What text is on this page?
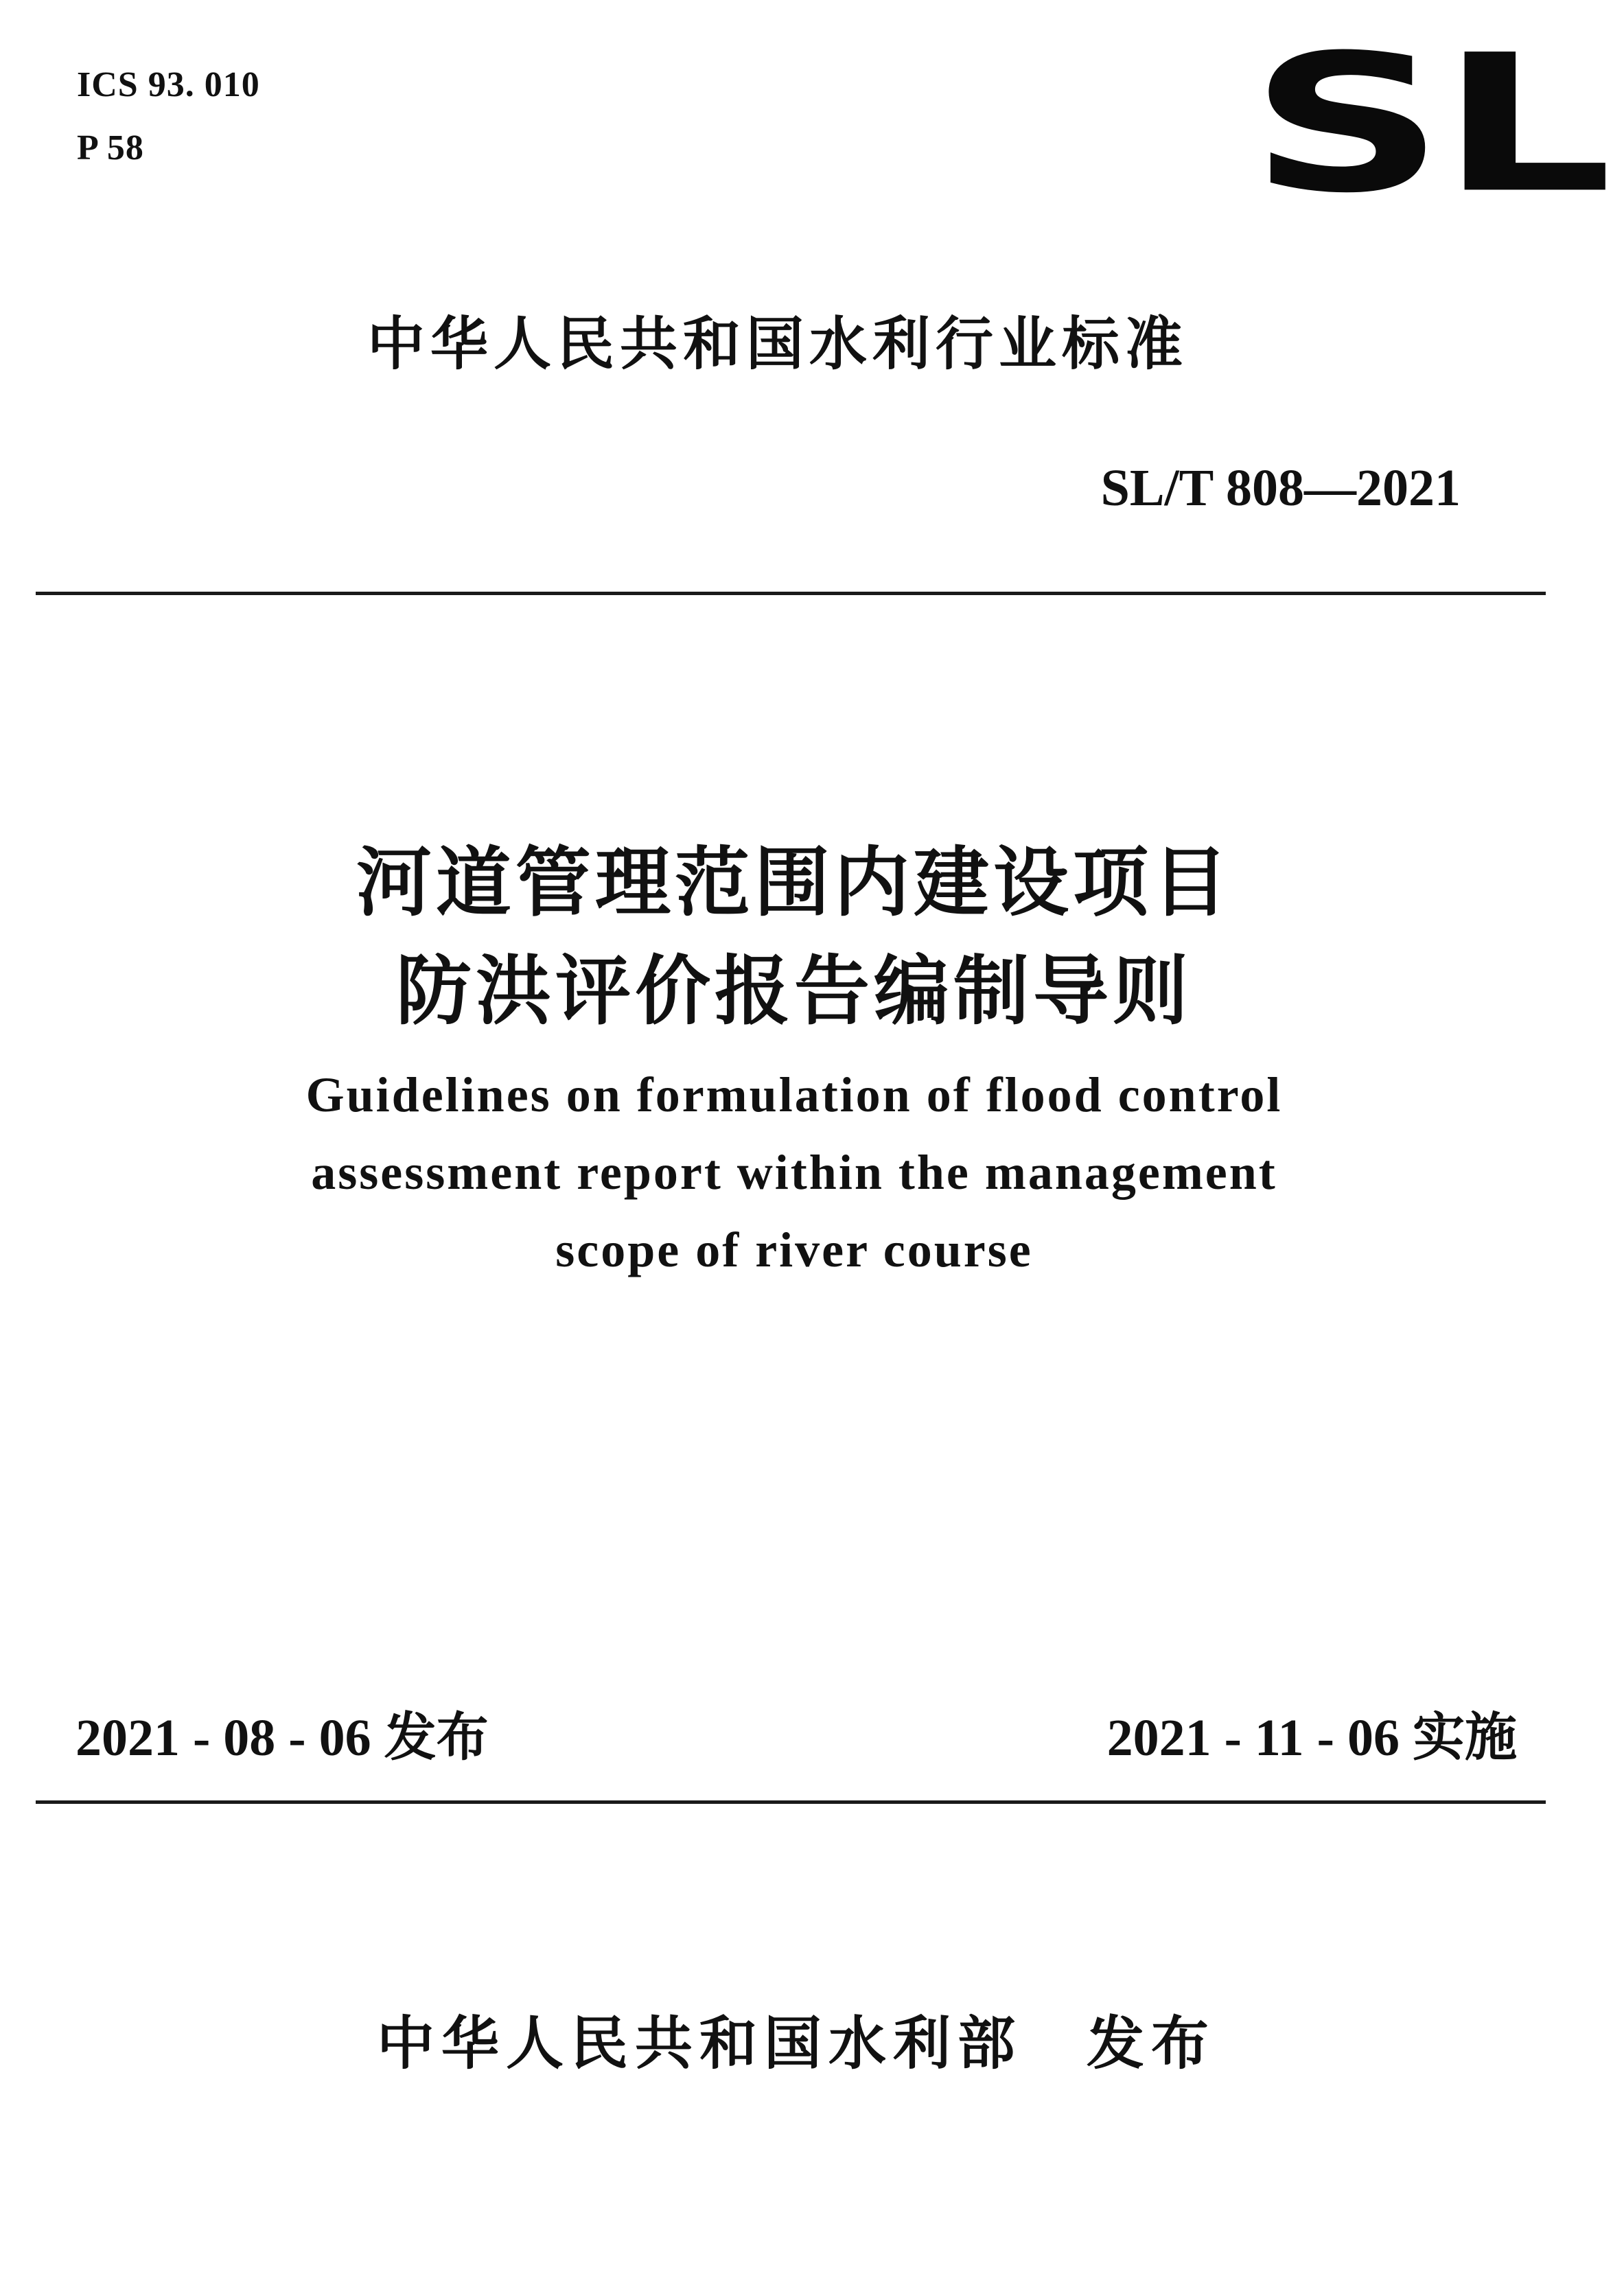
ICS 93. 010
P 58	SL
中华人民共和国水利行业标准
SL/T 808—2021
河道管理范围内建设项目
防洪评价报告编制导则
Guidelines on formulation of flood control
assessment report within the management
scope of river course
2021 - 08 - 06 发布	2021 - 11 - 06 实施
中华人民共和国水利部　发布
